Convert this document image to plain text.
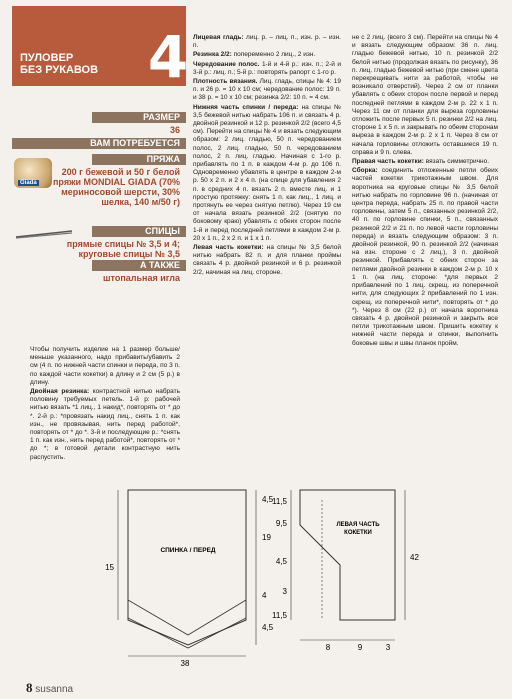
ПУЛОВЕР
БЕЗ РУКАВОВ 4
РАЗМЕР
36
ВАМ ПОТРЕБУЕТСЯ
ПРЯЖА
Giada
200 г бежевой и 50 г белой пряжи MONDIAL GIADA (70% мериносовой шерсти, 30% шелка, 140 м/50 г)
СПИЦЫ
прямые спицы № 3,5 и 4; круговые спицы № 3,5
А ТАКЖЕ
штопальная игла

Чтобы получить изделие на 1 размер больше/меньше указанного, надо прибавить/убавить 2 см (4 п. по нижней части спинки и переда, по 3 п. по каждой части кокетки) в длину и 2 см (5 р.) в длину.

Двойная резинка: контрастной нитью набрать половину требуемых петель. 1-й р: рабочей нитью вязать *1 лиц., 1 накид*, повторять от * до *. 2-й р.: *провязать накид лиц., снять 1 п. как изн., не провязывая, нить перед работой*, повторять от * до *. 3-й и последующие р.: *снять 1 п. как изн., нить перед работой*, повторять от * до *; в готовой детали контрастную нить распустить.

Лицевая гладь: лиц. р. – лиц. п., изн. р. – изн. п.

Резинка 2/2: попеременно 2 лиц., 2 изн.

Чередование полос. 1-й и 4-й р.: изн. п.; 2-й и 3-й р.: лиц. п.; 5-й р.: повторять рапорт с 1-го р.

Плотность вязания. Лиц. гладь, спицы № 4: 19 п. и 26 р. = 10 х 10 см; чередование полос: 19 п. и 38 р. = 10 х 10 см; резинка 2/2: 10 п. = 4 см.

Нижняя часть спинки / переда: на спицы № 3,5 бежевой нитью набрать 106 п. и связать 4 р. двойной резинкой и 12 р. резинкой 2/2 (всего 4,5 см). Перейти на спицы № 4 и вязать следующим образом: 2 лиц. гладью, 50 п. чередованием полос, 2 лиц. гладью, 50 п. чередованием полос, 2 п. лиц. гладью. Начиная с 1-го р. прибавлять по 1 п. в каждом 4-м р. до 106 п. Одновременно убавлять в центре в каждом 2-м р. 50 х 2 п. и 2 х 4 п. (на спице для убавления 2 п. в средних 4 п. вязать 2 п. вместе лиц. и 1 простую протяжку: снять 1 п. как лиц., 1 лиц. и протянуть ее через снятую петлю). Через 19 см от начала вязать резинкой 2/2 (снятую по боковому краю) убавлять с обеих сторон после 1-й и перед последней петлями в каждом 2-м р. 20 х 1 п., 2 х 2 п. и 1 х 1 п.

Левая часть кокетки: на спицы № 3,5 белой нитью набрать 82 п. и для планки проймы связать 4 р. двойной резинкой и 6 р. резинкой 2/2, начиная на лиц. стороне.

не с 2 лиц. (всего 3 см). Перейти на спицы № 4 и вязать следующим образом: 36 п. лиц. гладью бежевой нитью, 10 п. резинкой 2/2 белой нитью (продолжая вязать по рисунку), 36 п. лиц. гладью бежевой нитью (при смене цвета перекрещивать нити за работой, чтобы не возникало отверстий). Через 2 см от планки убавлять с обеих сторон после первой и перед последней петлями в каждом 2-м р. 22 х 1 п. Через 11 см от планки для выреза горловины отложить после первых 5 п. резинки 2/2 на лиц. стороне 1 х 5 п. и закрывать по обеим сторонам выреза в каждом 2-м р. 2 х 1 п. Через 8 см от начала горловины отложить оставшиеся 19 п. справа и 9 п. слева.

Правая часть кокетки: вязать симметрично.

Сборка: соединить отложенные петли обеих частей кокетки трикотажным швом. Для воротника на круговые спицы № 3,5 белой нитью набрать по горловине 96 п. (начиная от центра переда, набрать 25 п. по правой части горловины, затем 5 п., связанных резинкой 2/2, 40 п. по горловине спинки, 5 п., связанных резинкой 2/2 и 21 п. по левой части горловины переда) и вязать следующим образом: 3 п. двойной резинкой, 90 п. резинкой 2/2 (начиная на изн. стороне с 2 лиц.), 3 п. двойной резинкой. Прибавлять с обеих сторон за петлями двойной резинки в каждом 2-м р. 10 х 1 п. (на лиц. стороне: *для первых 2 прибавлений по 1 лиц. скрещ. из поперечной нити, для следующих 2 прибавлений по 1 изн. скрещ. из поперечной нити*, повторять от * до *). Через 8 см (22 р.) от начала воротника связать 4 р. двойной резинкой и закрыть все петли трикотажным швом. Пришить кокетку к нижней части переда и спинки, выполнить боковые швы и швы планок пройм.

СПИНКА / ПЕРЕД
15
4,5
19
4
4,5
38
ЛЕВАЯ ЧАСТЬ
КОКЕТКИ
11,5
9,5
4,5
3
11,5
8	9	3
42
8 susanna
